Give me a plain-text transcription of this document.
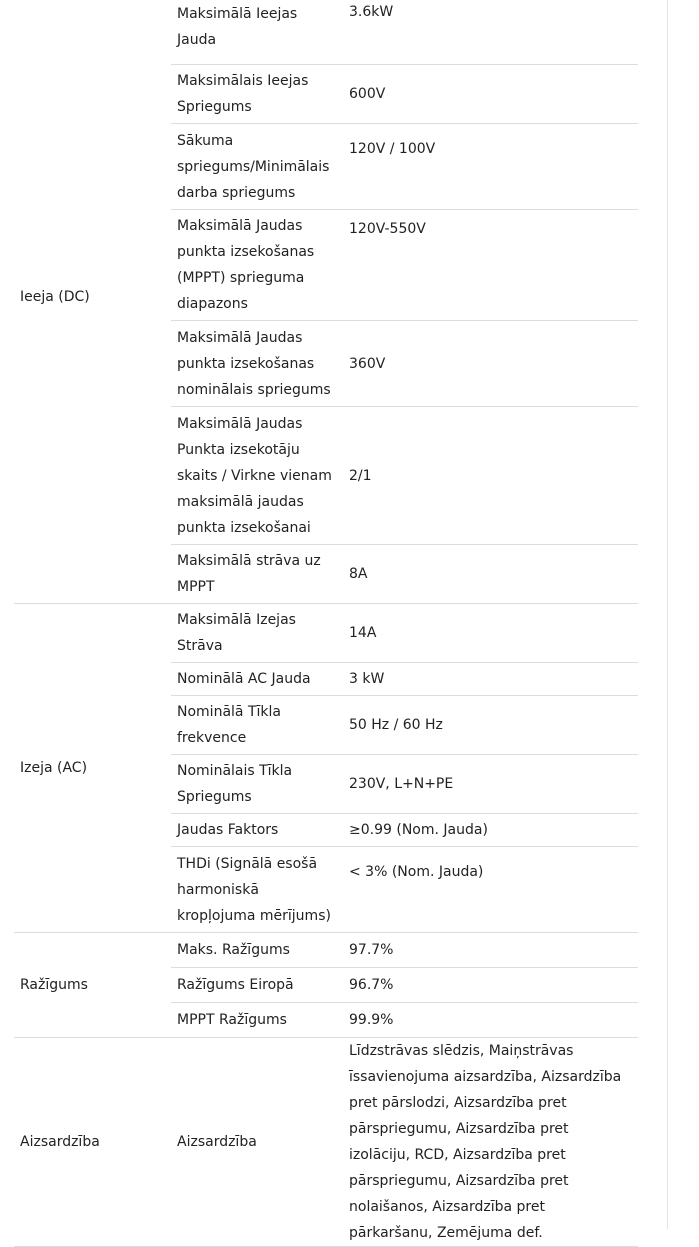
Ieeja (DC)	Maksimālā Ieejas Jauda	3.6kW
	Maksimālais Ieejas Spriegums	600V
	Sākuma spriegums/Minimālais darba spriegums	120V / 100V
	Maksimālā Jaudas punkta izsekošanas (MPPT) sprieguma diapazons	120V-550V
	Maksimālā Jaudas punkta izsekošanas nominālais spriegums	360V
	Maksimālā Jaudas Punkta izsekotāju skaits / Virkne vienam maksimālā jaudas punkta izsekošanai	2/1
	Maksimālā strāva uz MPPT	8A
Izeja (AC)	Maksimālā Izejas Strāva	14A
	Nominālā AC Jauda	3 kW
	Nominālā Tīkla frekvence	50 Hz / 60 Hz
	Nominālais Tīkla Spriegums	230V, L+N+PE
	Jaudas Faktors	≥0.99 (Nom. Jauda)
	THDi (Signālā esošā harmoniskā kropļojuma mērījums)	< 3% (Nom. Jauda)
Ražīgums	Maks. Ražīgums	97.7%
	Ražīgums Eiropā	96.7%
	MPPT Ražīgums	99.9%
Aizsardzība	Aizsardzība	Līdzstrāvas slēdzis, Maiņstrāvas īssavienojuma aizsardzība, Aizsardzība pret pārslodzi, Aizsardzība pret pārspriegumu, Aizsardzība pret izolāciju, RCD, Aizsardzība pret pārspriegumu, Aizsardzība pret nolaišanos, Aizsardzība pret pārkaršanu, Zemējuma def.
